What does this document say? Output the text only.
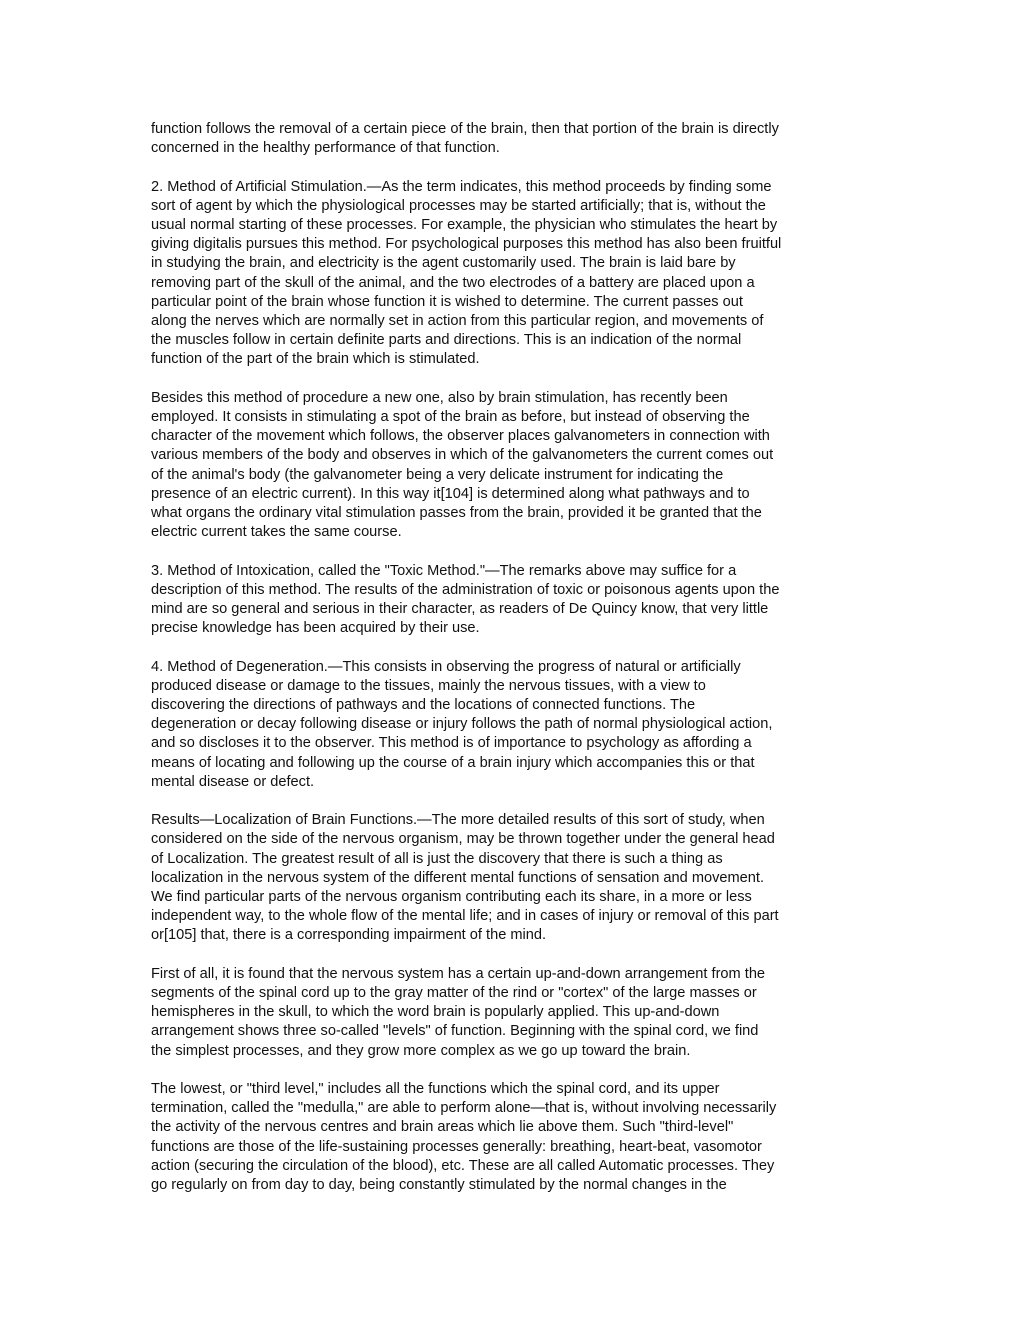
function follows the removal of a certain piece of the brain, then that portion of the brain is directly
concerned in the healthy performance of that function.

2. Method of Artificial Stimulation.—As the term indicates, this method proceeds by finding some
sort of agent by which the physiological processes may be started artificially; that is, without the
usual normal starting of these processes. For example, the physician who stimulates the heart by
giving digitalis pursues this method. For psychological purposes this method has also been fruitful
in studying the brain, and electricity is the agent customarily used. The brain is laid bare by
removing part of the skull of the animal, and the two electrodes of a battery are placed upon a
particular point of the brain whose function it is wished to determine. The current passes out
along the nerves which are normally set in action from this particular region, and movements of
the muscles follow in certain definite parts and directions. This is an indication of the normal
function of the part of the brain which is stimulated.

Besides this method of procedure a new one, also by brain stimulation, has recently been
employed. It consists in stimulating a spot of the brain as before, but instead of observing the
character of the movement which follows, the observer places galvanometers in connection with
various members of the body and observes in which of the galvanometers the current comes out
of the animal's body (the galvanometer being a very delicate instrument for indicating the
presence of an electric current). In this way it[104] is determined along what pathways and to
what organs the ordinary vital stimulation passes from the brain, provided it be granted that the
electric current takes the same course.

3. Method of Intoxication, called the "Toxic Method."—The remarks above may suffice for a
description of this method. The results of the administration of toxic or poisonous agents upon the
mind are so general and serious in their character, as readers of De Quincy know, that very little
precise knowledge has been acquired by their use.

4. Method of Degeneration.—This consists in observing the progress of natural or artificially
produced disease or damage to the tissues, mainly the nervous tissues, with a view to
discovering the directions of pathways and the locations of connected functions. The
degeneration or decay following disease or injury follows the path of normal physiological action,
and so discloses it to the observer. This method is of importance to psychology as affording a
means of locating and following up the course of a brain injury which accompanies this or that
mental disease or defect.

Results—Localization of Brain Functions.—The more detailed results of this sort of study, when
considered on the side of the nervous organism, may be thrown together under the general head
of Localization. The greatest result of all is just the discovery that there is such a thing as
localization in the nervous system of the different mental functions of sensation and movement.
We find particular parts of the nervous organism contributing each its share, in a more or less
independent way, to the whole flow of the mental life; and in cases of injury or removal of this part
or[105] that, there is a corresponding impairment of the mind.

First of all, it is found that the nervous system has a certain up-and-down arrangement from the
segments of the spinal cord up to the gray matter of the rind or "cortex" of the large masses or
hemispheres in the skull, to which the word brain is popularly applied. This up-and-down
arrangement shows three so-called "levels" of function. Beginning with the spinal cord, we find
the simplest processes, and they grow more complex as we go up toward the brain.

The lowest, or "third level," includes all the functions which the spinal cord, and its upper
termination, called the "medulla," are able to perform alone—that is, without involving necessarily
the activity of the nervous centres and brain areas which lie above them. Such "third-level"
functions are those of the life-sustaining processes generally: breathing, heart-beat, vasomotor
action (securing the circulation of the blood), etc. These are all called Automatic processes. They
go regularly on from day to day, being constantly stimulated by the normal changes in the
